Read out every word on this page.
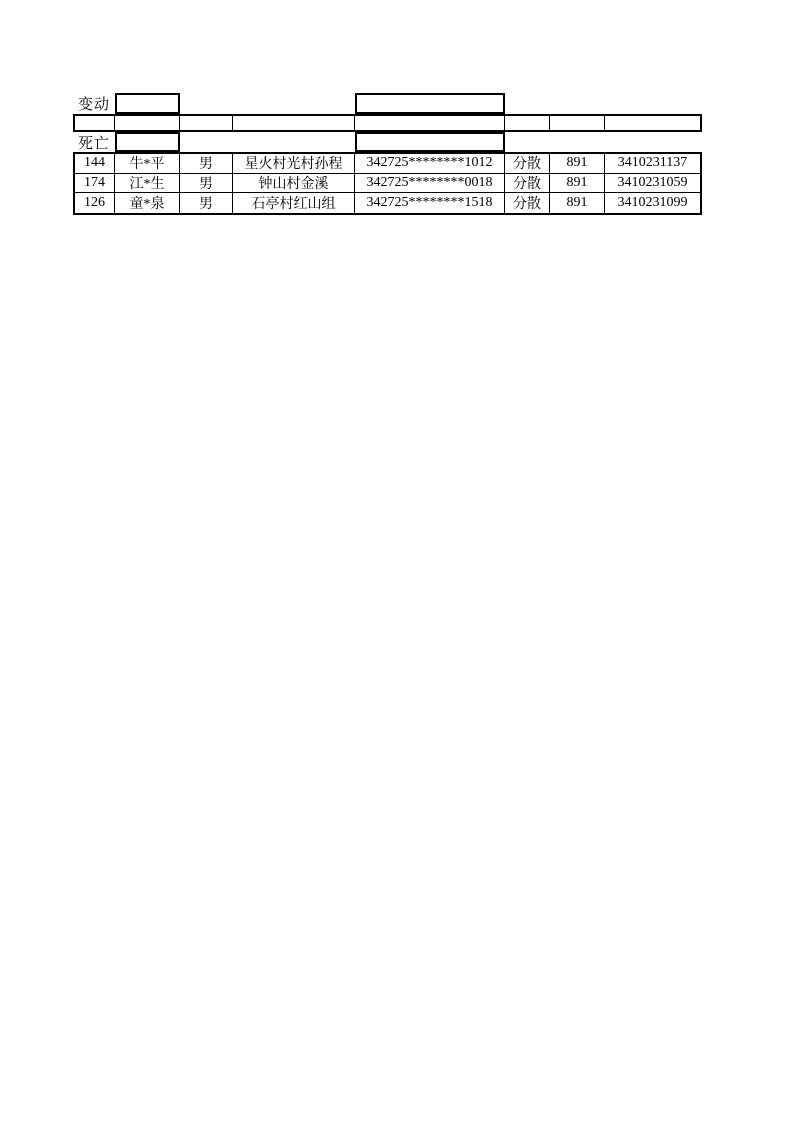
变动
死亡
144	牛*平	男	星火村光村孙程	342725********1012	分散	891	3410231137
174	江*生	男	钟山村金溪	342725********0018	分散	891	3410231059
126	童*泉	男	石亭村红山组	342725********1518	分散	891	3410231099
